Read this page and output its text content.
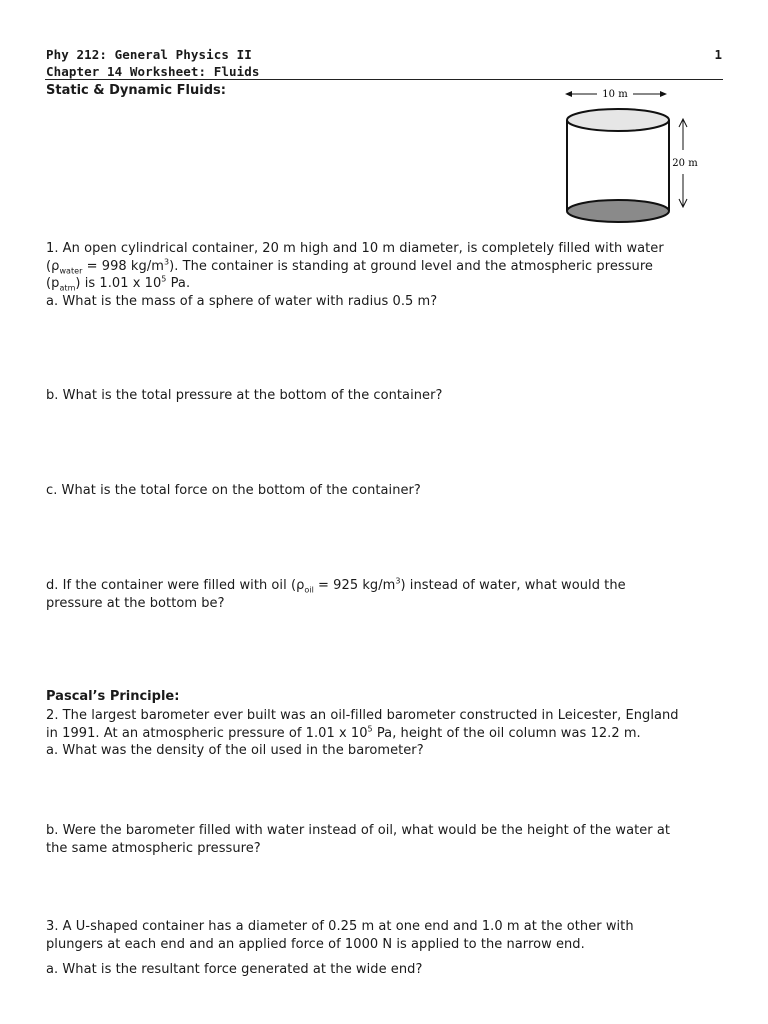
Phy 212: General Physics II
Chapter 14 Worksheet: Fluids
1
Static & Dynamic Fluids:	10 m
20 m
1. An open cylindrical container, 20 m high and 10 m diameter, is completely filled with water
($\rho_{water} = 998$ $kg/m^3$). The container is standing at ground level and the atmospheric pressure
$(p_{atm})$ is 1.01 x $10^5$ Pa.
a. What is the mass of a sphere of water with radius 0.5 m?
b. What is the total pressure at the bottom of the container?
c. What is the total force on the bottom of the container?
d. If the container were filled with oil ($\rho_{oil} = 925$ $kg/m^3$) instead of water, what would the
pressure at the bottom be?
Pascal’s Principle:
2. The largest barometer ever built was an oil-filled barometer constructed in Leicester, England
in 1991. At an atmospheric pressure of 1.01 x $10^5$ Pa, height of the oil column was 12.2 m.
a. What was the density of the oil used in the barometer?
b. Were the barometer filled with water instead of oil, what would be the height of the water at
the same atmospheric pressure?
3. A U-shaped container has a diameter of 0.25 m at one end and 1.0 m at the other with
plungers at each end and an applied force of 1000 N is applied to the narrow end.
a. What is the resultant force generated at the wide end?
